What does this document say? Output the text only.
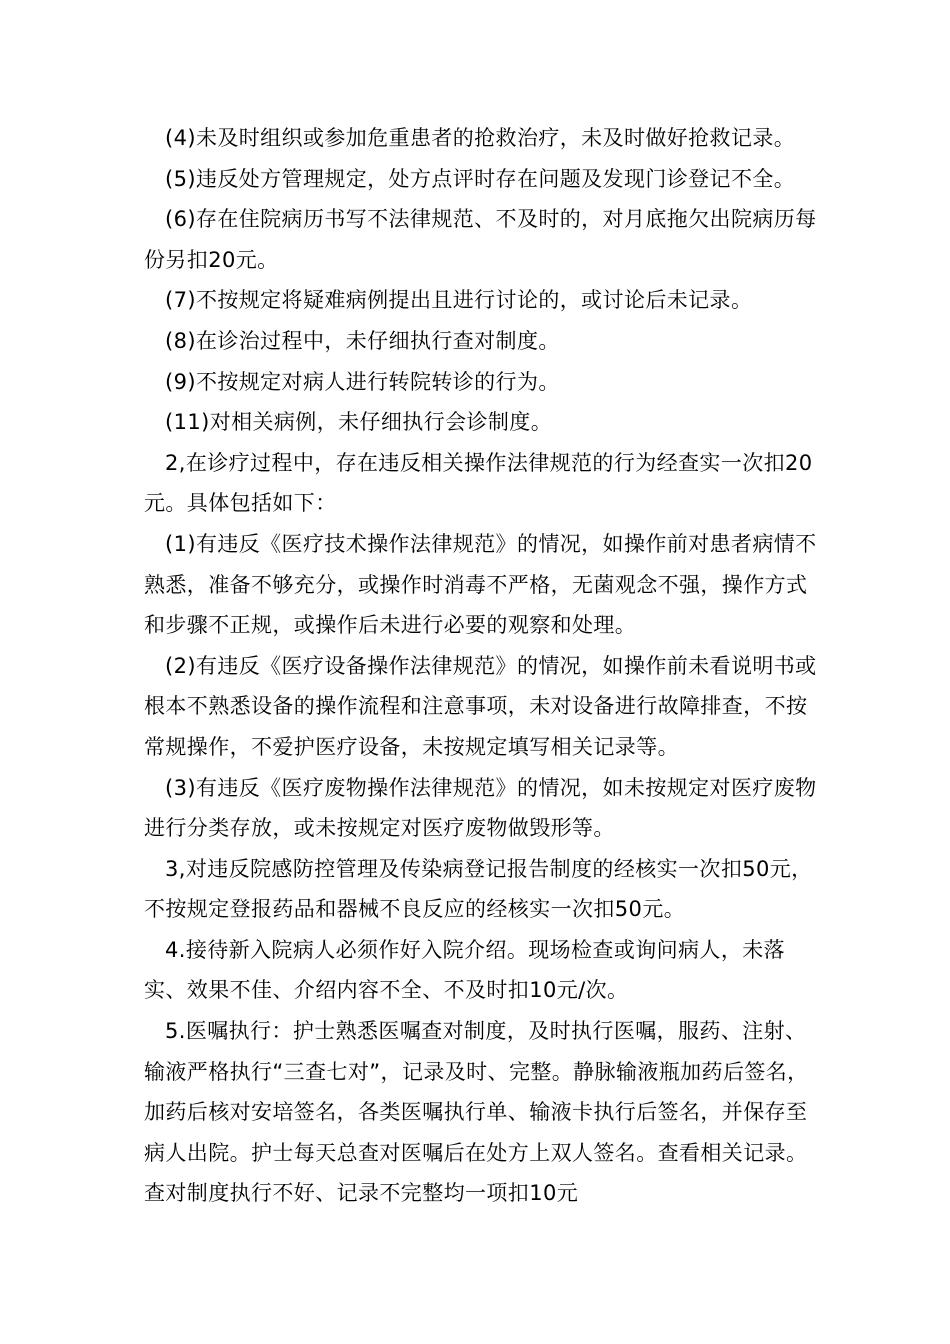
(4)未及时组织或参加危重患者的抢救治疗，未及时做好抢救记录。

(5)违反处方管理规定，处方点评时存在问题及发现门诊登记不全。

(6)存在住院病历书写不法律规范、不及时的，对月底拖欠出院病历每份另扣20元。

(7)不按规定将疑难病例提出且进行讨论的，或讨论后未记录。

(8)在诊治过程中，未仔细执行查对制度。

(9)不按规定对病人进行转院转诊的行为。

(11)对相关病例，未仔细执行会诊制度。

2,在诊疗过程中，存在违反相关操作法律规范的行为经查实一次扣20元。具体包括如下：

(1)有违反《医疗技术操作法律规范》的情况，如操作前对患者病情不熟悉，准备不够充分，或操作时消毒不严格，无菌观念不强，操作方式和步骤不正规，或操作后未进行必要的观察和处理。

(2)有违反《医疗设备操作法律规范》的情况，如操作前未看说明书或根本不熟悉设备的操作流程和注意事项，未对设备进行故障排查，不按常规操作，不爱护医疗设备，未按规定填写相关记录等。

(3)有违反《医疗废物操作法律规范》的情况，如未按规定对医疗废物进行分类存放，或未按规定对医疗废物做毁形等。

3,对违反院感防控管理及传染病登记报告制度的经核实一次扣50元，不按规定登报药品和器械不良反应的经核实一次扣50元。

4.接待新入院病人必须作好入院介绍。现场检查或询问病人，未落实、效果不佳、介绍内容不全、不及时扣10元/次。

5.医嘱执行：护士熟悉医嘱查对制度，及时执行医嘱，服药、注射、输液严格执行“三查七对”，记录及时、完整。静脉输液瓶加药后签名，加药后核对安培签名，各类医嘱执行单、输液卡执行后签名，并保存至病人出院。护士每天总查对医嘱后在处方上双人签名。查看相关记录。查对制度执行不好、记录不完整均一项扣10元
